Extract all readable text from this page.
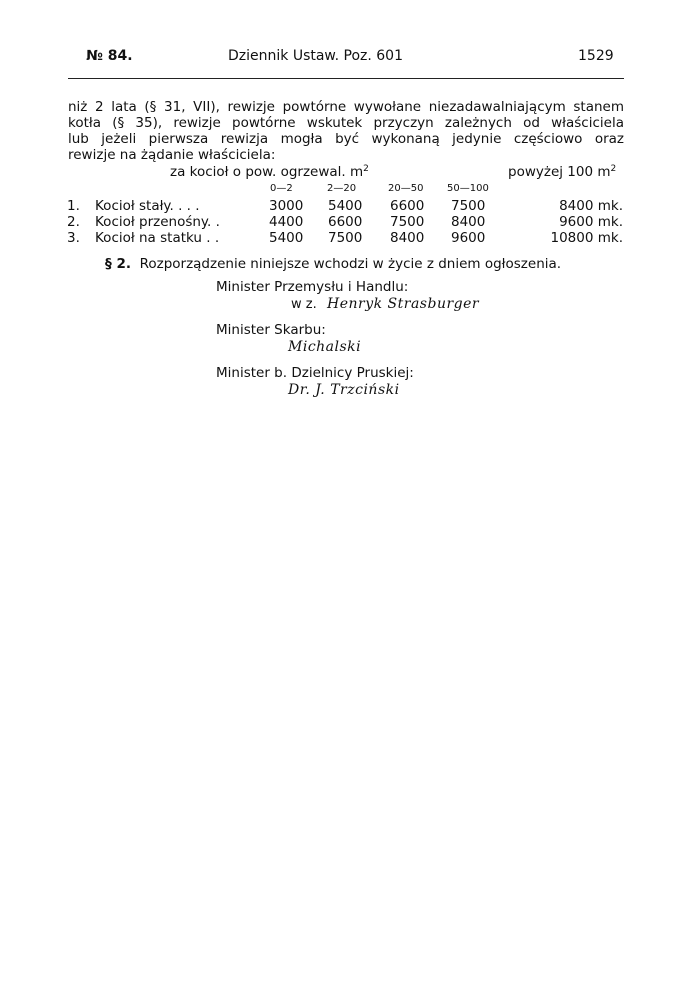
№ 84.	Dziennik Ustaw. Poz. 601	1529
niż 2 lata (§ 31, VII), rewizje powtórne wywołane niezadawalniającym stanem
kotła (§ 35), rewizje powtórne wskutek przyczyn zależnych od właściciela
lub jeżeli pierwsza rewizja mogła być wykonaną jedynie częściowo oraz
rewizje na żądanie właściciela:
za kocioł o pow. ogrzewal. $m^2$	powyżej 100 $m^2$
0—2	2—20	20—50 50—100
1. Kocioł stały. . . .	3000 5400 6600 7500	8400 mk.
2. Kocioł przenośny. .	4400 6600 7500 8400	9600 mk.
3. Kocioł na statku . .	5400 7500 8400 9600	10800 mk.
§ 2. Rozporządzenie niniejsze wchodzi w życie z dniem ogłoszenia.
Minister Przemysłu i Handlu:
w z. Henryk Strasburger
Minister Skarbu:
Michalski
Minister b. Dzielnicy Pruskiej:
Dr. J. Trzciński
